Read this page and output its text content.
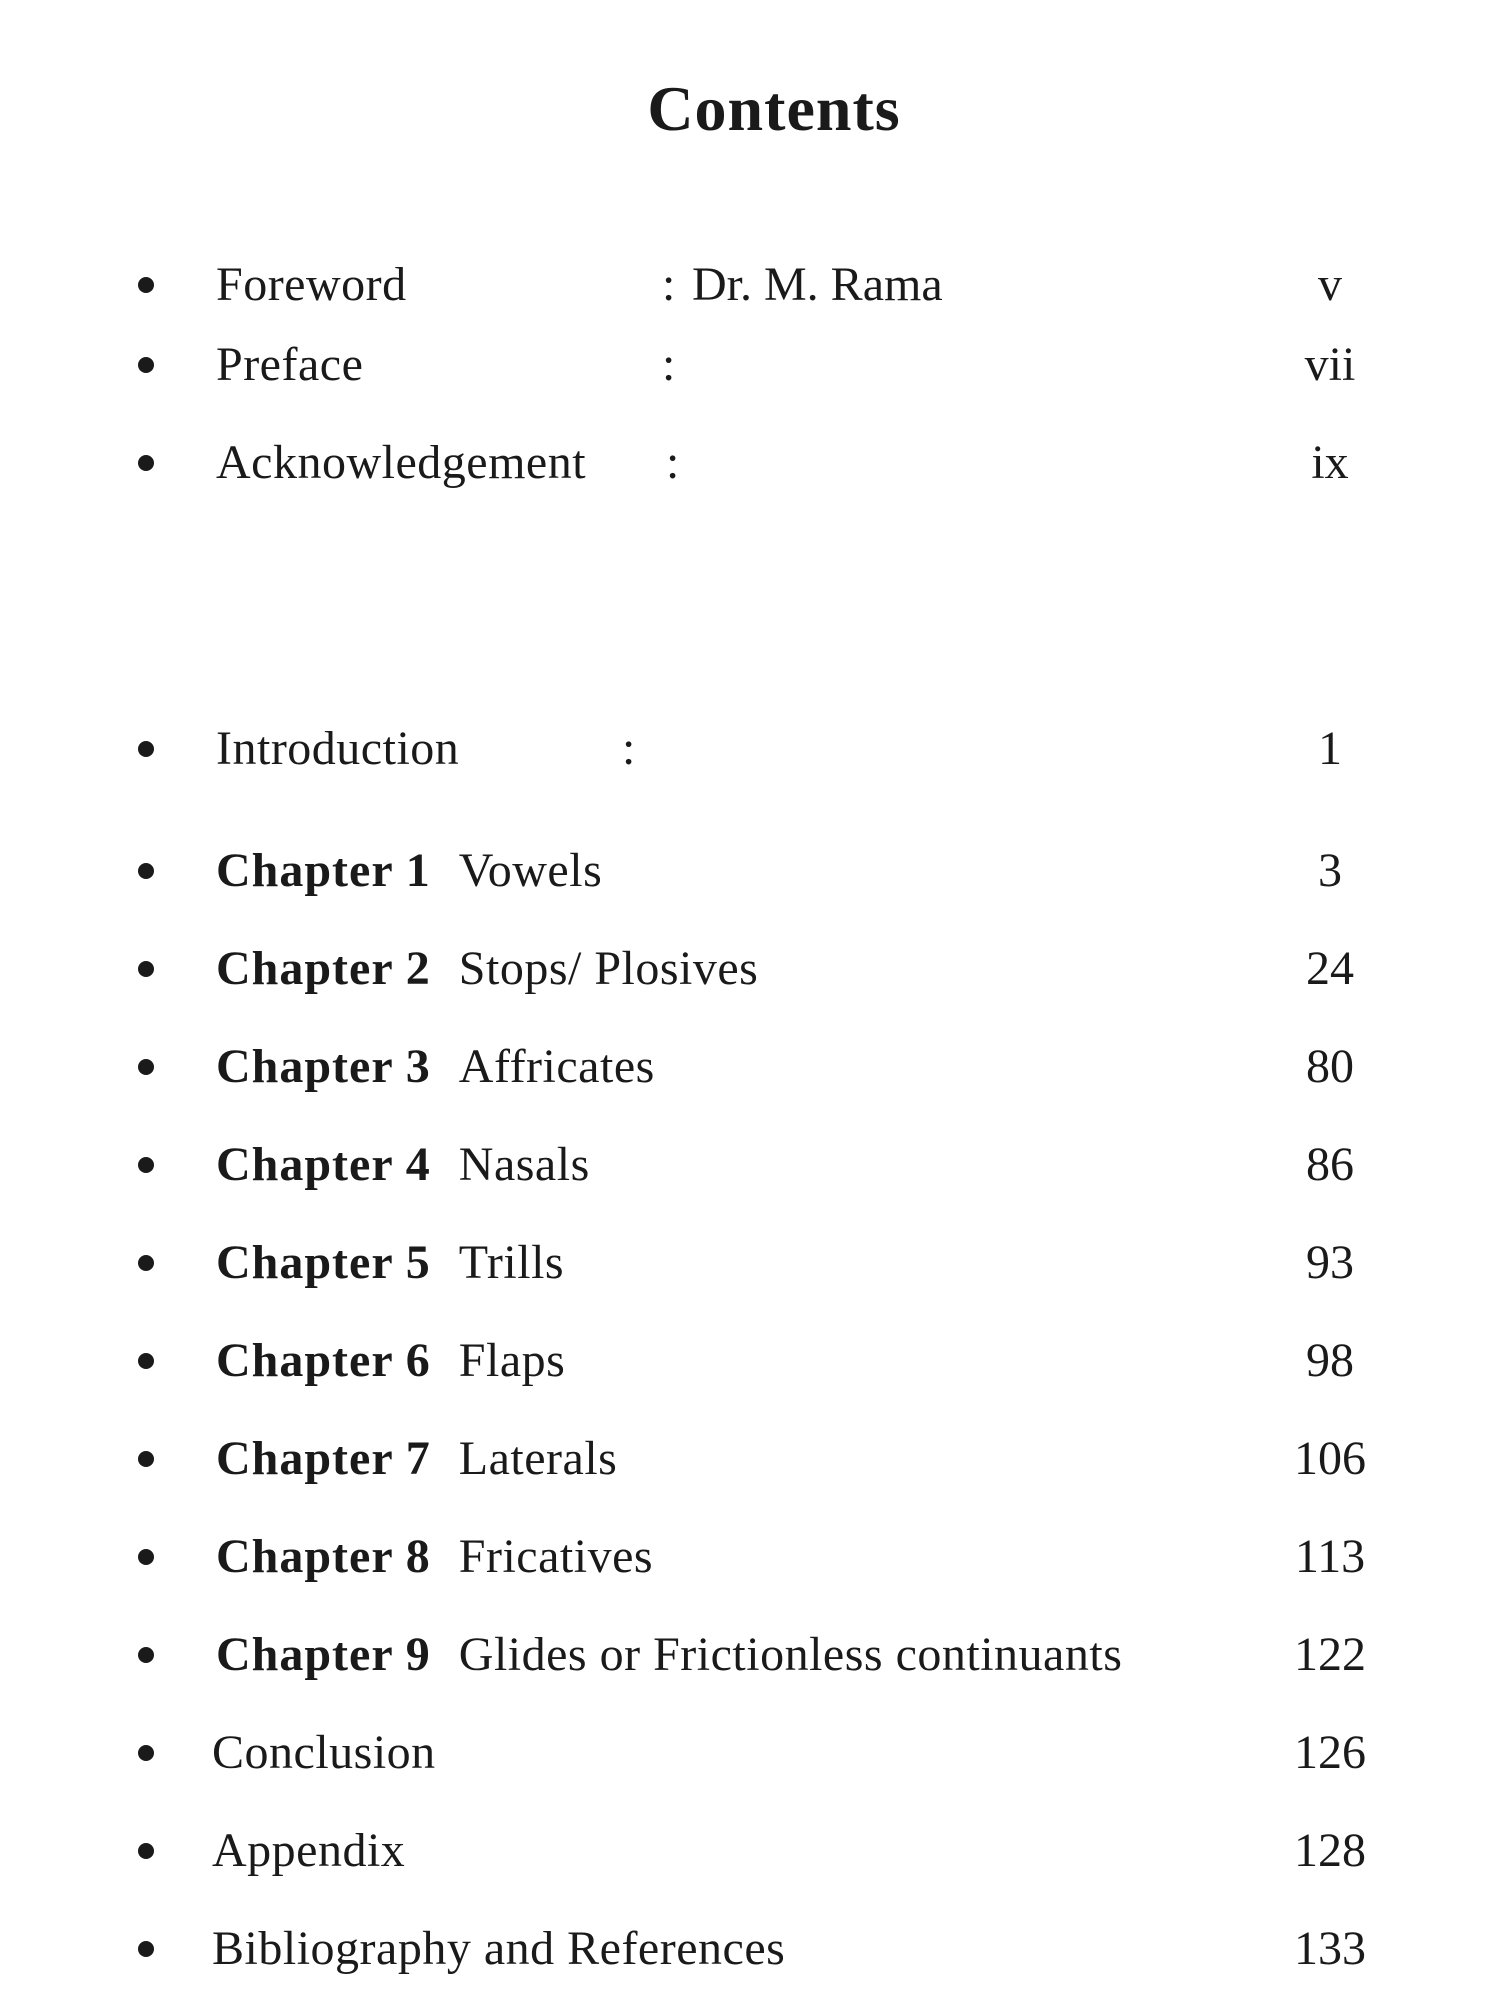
Contents
Foreword	: Dr. M. Rama	v
Preface	:	vii
Acknowledgement :	ix
Introduction	:	1
Chapter 1 Vowels	3
Chapter 2 Stops/ Plosives	24
Chapter 3 Affricates	80
Chapter 4 Nasals	86
Chapter 5 Trills	93
Chapter 6 Flaps	98
Chapter 7 Laterals	106
Chapter 8 Fricatives	113
Chapter 9 Glides or Frictionless continuants	122
Conclusion	126
Appendix	128
Bibliography and References	133
